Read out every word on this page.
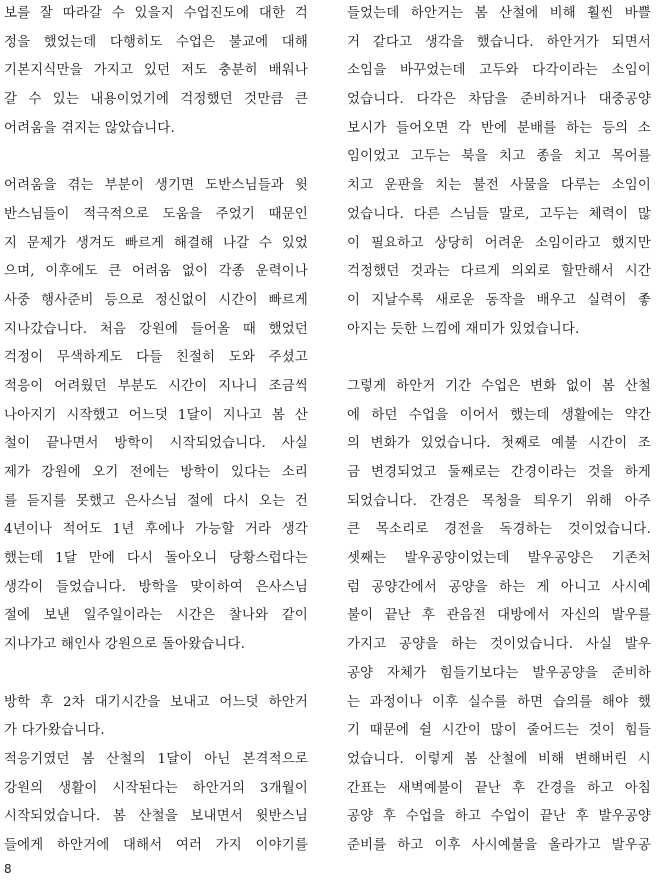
보를 잘 따라갈 수 있을지 수업진도에 대한 걱
정을 했었는데 다행히도 수업은 불교에 대해
기본지식만을 가지고 있던 저도 충분히 배워나
갈 수 있는 내용이었기에 걱정했던 것만큼 큰
어려움을 겪지는 않았습니다.
어려움을 겪는 부분이 생기면 도반스님들과 윗
반스님들이 적극적으로 도움을 주었기 때문인
지 문제가 생겨도 빠르게 해결해 나갈 수 있었
으며, 이후에도 큰 어려움 없이 각종 운력이나
사중 행사준비 등으로 정신없이 시간이 빠르게
지나갔습니다. 처음 강원에 들어올 때 했었던
걱정이 무색하게도 다들 친절히 도와 주셨고
적응이 어려웠던 부분도 시간이 지나니 조금씩
나아지기 시작했고 어느덧 1달이 지나고 봄 산
철이 끝나면서 방학이 시작되었습니다. 사실
제가 강원에 오기 전에는 방학이 있다는 소리
를 듣지를 못했고 은사스님 절에 다시 오는 건
4년이나 적어도 1년 후에나 가능할 거라 생각
했는데 1달 만에 다시 돌아오니 당황스럽다는
생각이 들었습니다. 방학을 맞이하여 은사스님
절에 보낸 일주일이라는 시간은 찰나와 같이
지나가고 해인사 강원으로 돌아왔습니다.
방학 후 2차 대기시간을 보내고 어느덧 하안거
가 다가왔습니다.
적응기였던 봄 산철의 1달이 아닌 본격적으로
강원의 생활이 시작된다는 하안거의 3개월이
시작되었습니다. 봄 산철을 보내면서 윗반스님
들에게 하안거에 대해서 여러 가지 이야기를
들었는데 하안거는 봄 산철에 비해 훨씬 바쁠
거 같다고 생각을 했습니다. 하안거가 되면서
소임을 바꾸었는데 고두와 다각이라는 소임이
었습니다. 다각은 차담을 준비하거나 대중공양
보시가 들어오면 각 반에 분배를 하는 등의 소
임이었고 고두는 북을 치고 종을 치고 목어를
치고 운판을 치는 불전 사물을 다루는 소임이
었습니다. 다른 스님들 말로, 고두는 체력이 많
이 필요하고 상당히 어려운 소임이라고 했지만
걱정했던 것과는 다르게 의외로 할만해서 시간
이 지날수록 새로운 동작을 배우고 실력이 좋
아지는 듯한 느낌에 재미가 있었습니다.
그렇게 하안거 기간 수업은 변화 없이 봄 산철
에 하던 수업을 이어서 했는데 생활에는 약간
의 변화가 있었습니다. 첫째로 예불 시간이 조
금 변경되었고 둘째로는 간경이라는 것을 하게
되었습니다. 간경은 목청을 틔우기 위해 아주
큰 목소리로 경전을 독경하는 것이었습니다.
셋째는 발우공양이었는데 발우공양은 기존처
럼 공양간에서 공양을 하는 게 아니고 사시예
불이 끝난 후 관음전 대방에서 자신의 발우를
가지고 공양을 하는 것이었습니다. 사실 발우
공양 자체가 힘들기보다는 발우공양을 준비하
는 과정이나 이후 실수를 하면 습의를 해야 했
기 때문에 쉴 시간이 많이 줄어드는 것이 힘들
었습니다. 이렇게 봄 산철에 비해 변해버린 시
간표는 새벽예불이 끝난 후 간경을 하고 아침
공양 후 수업을 하고 수업이 끝난 후 발우공양
준비를 하고 이후 사시예불을 올라가고 발우공
8
